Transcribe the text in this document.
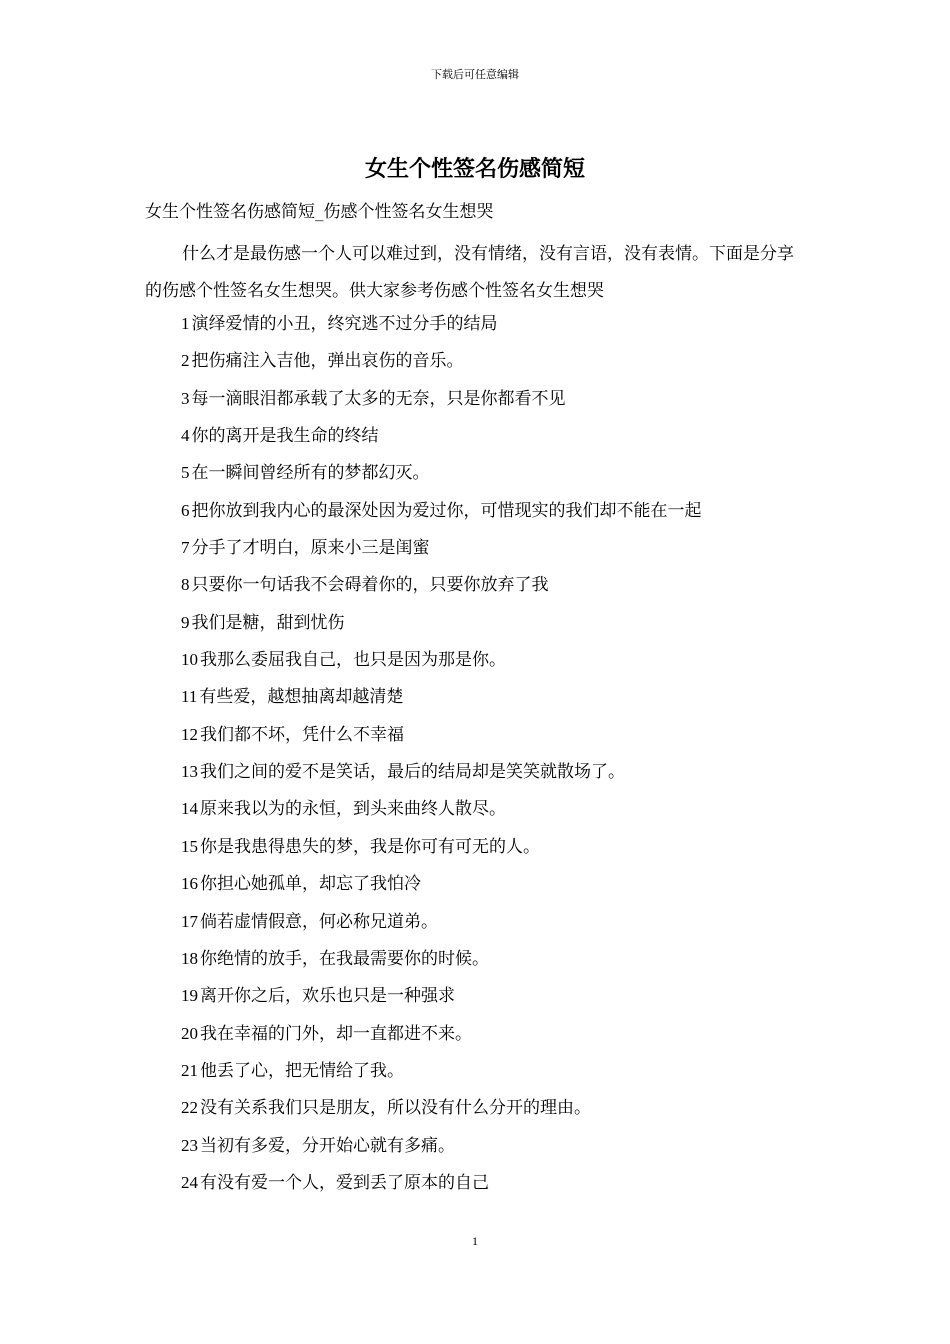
下载后可任意编辑
女生个性签名伤感简短
女生个性签名伤感简短_伤感个性签名女生想哭

什么才是最伤感一个人可以难过到，没有情绪，没有言语，没有表情。下面是分享的伤感个性签名女生想哭。供大家参考伤感个性签名女生想哭

1 演绎爱情的小丑，终究逃不过分手的结局
2 把伤痛注入吉他，弹出哀伤的音乐。
3 每一滴眼泪都承载了太多的无奈，只是你都看不见
4 你的离开是我生命的终结
5 在一瞬间曾经所有的梦都幻灭。
6 把你放到我内心的最深处因为爱过你，可惜现实的我们却不能在一起
7 分手了才明白，原来小三是闺蜜
8 只要你一句话我不会碍着你的，只要你放弃了我
9 我们是糖，甜到忧伤
10 我那么委屈我自己，也只是因为那是你。
11 有些爱，越想抽离却越清楚
12 我们都不坏，凭什么不幸福
13 我们之间的爱不是笑话，最后的结局却是笑笑就散场了。
14 原来我以为的永恒，到头来曲终人散尽。
15 你是我患得患失的梦，我是你可有可无的人。
16 你担心她孤单，却忘了我怕冷
17 倘若虚情假意，何必称兄道弟。
18 你绝情的放手，在我最需要你的时候。
19 离开你之后，欢乐也只是一种强求
20 我在幸福的门外，却一直都进不来。
21 他丢了心，把无情给了我。
22 没有关系我们只是朋友，所以没有什么分开的理由。
23 当初有多爱，分开始心就有多痛。
24 有没有爱一个人，爱到丢了原本的自己
1
